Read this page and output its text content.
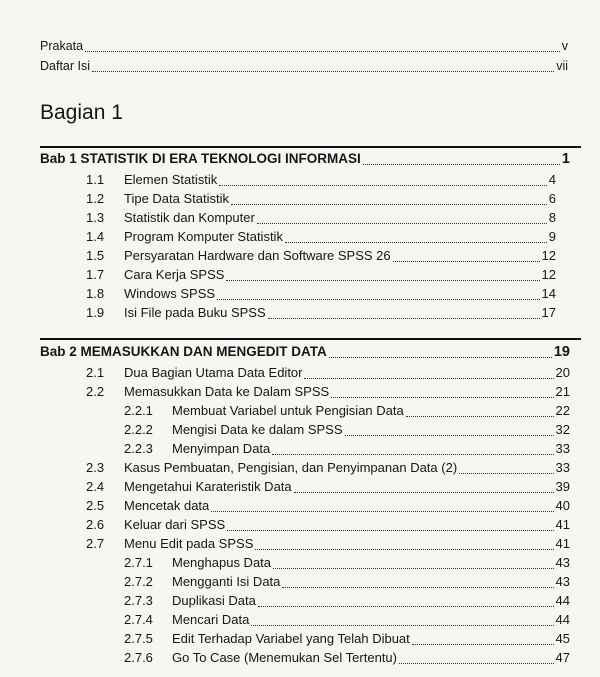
Prakata	v
Daftar Isi	vii
Bagian 1
Bab 1 STATISTIK DI ERA TEKNOLOGI INFORMASI	1
1.1	Elemen Statistik	4
1.2	Tipe Data Statistik	6
1.3	Statistik dan Komputer	8
1.4	Program Komputer Statistik	9
1.5	Persyaratan Hardware dan Software SPSS 26	12
1.7	Cara Kerja SPSS	12
1.8	Windows SPSS	14
1.9	Isi File pada Buku SPSS	17
Bab 2 MEMASUKKAN DAN MENGEDIT DATA	19
2.1	Dua Bagian Utama Data Editor	20
2.2	Memasukkan Data ke Dalam SPSS	21
2.2.1	Membuat Variabel untuk Pengisian Data	22
2.2.2	Mengisi Data ke dalam SPSS	32
2.2.3	Menyimpan Data	33
2.3	Kasus Pembuatan, Pengisian, dan Penyimpanan Data (2)	33
2.4	Mengetahui Karateristik Data	39
2.5	Mencetak data	40
2.6	Keluar dari SPSS	41
2.7	Menu Edit pada SPSS	41
2.7.1	Menghapus Data	43
2.7.2	Mengganti Isi Data	43
2.7.3	Duplikasi Data	44
2.7.4	Mencari Data	44
2.7.5	Edit Terhadap Variabel yang Telah Dibuat	45
2.7.6	Go To Case (Menemukan Sel Tertentu)	47
